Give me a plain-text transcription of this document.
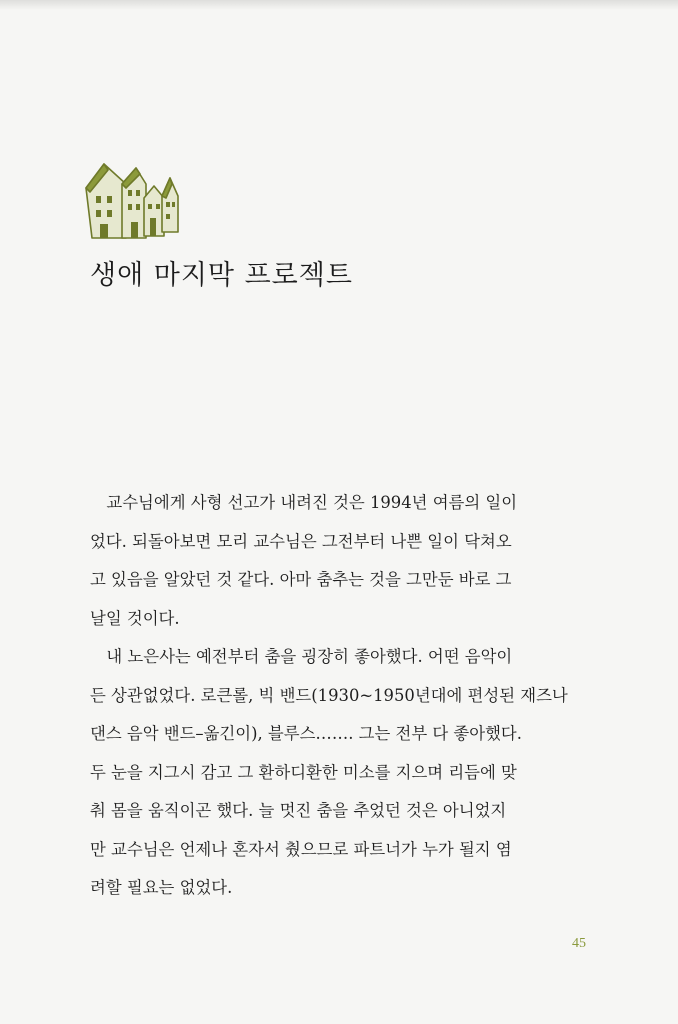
생애 마지막 프로젝트
　교수님에게 사형 선고가 내려진 것은 1994년 여름의 일이
었다. 되돌아보면 모리 교수님은 그전부터 나쁜 일이 닥쳐오
고 있음을 알았던 것 같다. 아마 춤추는 것을 그만둔 바로 그
날일 것이다.
　내 노은사는 예전부터 춤을 굉장히 좋아했다. 어떤 음악이
든 상관없었다. 로큰롤, 빅 밴드(1930~1950년대에 편성된 재즈나
댄스 음악 밴드–옮긴이), 블루스……. 그는 전부 다 좋아했다.
두 눈을 지그시 감고 그 환하디환한 미소를 지으며 리듬에 맞
춰 몸을 움직이곤 했다. 늘 멋진 춤을 추었던 것은 아니었지
만 교수님은 언제나 혼자서 췄으므로 파트너가 누가 될지 염
려할 필요는 없었다.
45
